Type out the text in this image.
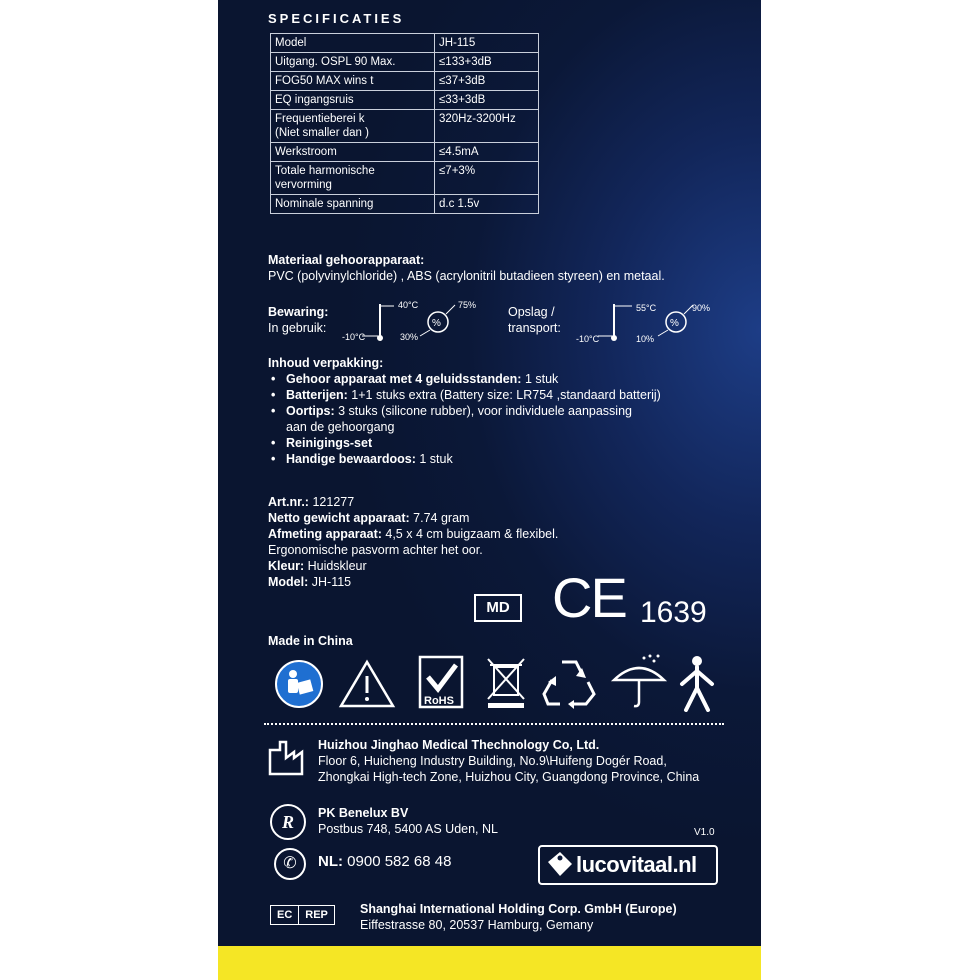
SPECIFICATIES
Model	JH-115
Uitgang. OSPL 90 Max.	≤133+3dB
FOG50 MAX wins t	≤37+3dB
EQ ingangsruis	≤33+3dB
Frequentieberei k
(Niet smaller dan )	320Hz-3200Hz
Werkstroom	≤4.5mA
Totale harmonische
vervorming	≤7+3%
Nominale spanning	d.c 1.5v
Materiaal gehoorapparaat:
PVC (polyvinylchloride) , ABS (acrylonitril butadieen styreen) en metaal.
Bewaring:
In gebruik:	%
40°C
-10°C
75%
30%
Opslag /
transport:	%
55°C
-10°C
90%
10%
Inhoud verpakking:
• Gehoor apparaat met 4 geluidsstanden: 1 stuk
• Batterijen: 1+1 stuks extra (Battery size: LR754 ,standaard batterij)
• Oortips: 3 stuks (silicone rubber), voor individuele aanpassing
aan de gehoorgang
• Reinigings-set
• Handige bewaardoos: 1 stuk
Art.nr.: 121277
Netto gewicht apparaat: 7.74 gram
Afmeting apparaat: 4,5 x 4 cm buigzaam & flexibel.
Ergonomische pasvorm achter het oor.
Kleur: Huidskleur
Model: JH-115
MD CE 1639
Made in China
RoHS
Huizhou Jinghao Medical Thechnology Co, Ltd.
Floor 6, Huicheng Industry Building, No.9\Huifeng Dogér Road,
Zhongkai High-tech Zone, Huizhou City, Guangdong Province, China
R	PK Benelux BV
Postbus 748, 5400 AS Uden, NL	V1.0
✆	NL: 0900 582 68 48	lucovitaal.nl
EC	REP	Shanghai International Holding Corp. GmbH (Europe)
Eiffestrasse 80, 20537 Hamburg, Gemany
